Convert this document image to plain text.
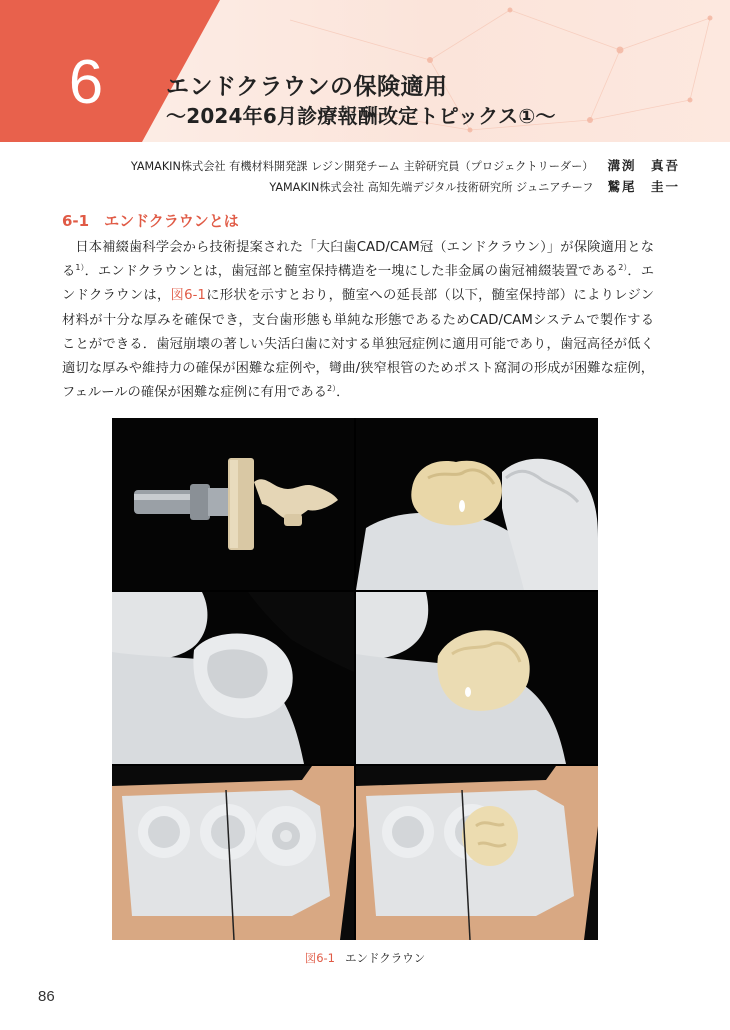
6	エンドクラウンの保険適用
〜2024年6月診療報酬改定トピックス①〜
YAMAKIN株式会社 有機材料開発課 レジン開発チーム 主幹研究員（プロジェクトリーダー） 溝渕　真吾
YAMAKIN株式会社 高知先端デジタル技術研究所 ジュニアチーフ 鷲尾　圭一
6-1　エンドクラウンとは
　日本補綴歯科学会から技術提案された「大臼歯CAD/CAM冠（エンドクラウン）」が保険適用となる$^{1)}$．エンドクラウンとは，歯冠部と髄室保持構造を一塊にした非金属の歯冠補綴装置である$^{2)}$．エンドクラウンは，図6-1に形状を示すとおり，髄室への延長部（以下，髄室保持部）によりレジン材料が十分な厚みを確保でき，支台歯形態も単純な形態であるためCAD/CAMシステムで製作することができる．歯冠崩壊の著しい失活臼歯に対する単独冠症例に適用可能であり，歯冠高径が低く適切な厚みや維持力の確保が困難な症例や，彎曲/狭窄根管のためポスト窩洞の形成が困難な症例，フェルールの確保が困難な症例に有用である$^{2)}$．
図6-1 エンドクラウン
86
